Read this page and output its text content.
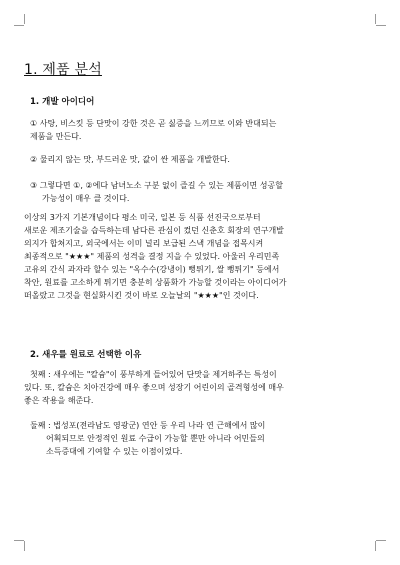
1. 제품 분석
1. 개발 아이디어

① 사탕, 비스킷 등 단맛이 강한 것은 곧 싫증을 느끼므로 이와 반대되는
제품을 만든다.

② 물리지 않는 맛, 부드러운 맛, 값이 싼 제품을 개발한다.

③ 그렇다면 ①, ②에다 남녀노소 구분 없이 즐길 수 있는 제품이면 성공할
가능성이 매우 클 것이다.

이상의 3가지 기본개념이다 평소 미국, 일본 등 식품 선진국으로부터
새로운 제조기술을 습득하는데 남다른 관심이 컸던 신춘호 회장의 연구개발
의지가 합쳐지고, 외국에서는 이미 널리 보급된 스낵 개념을 접목시켜
최종적으로 "★★★" 제품의 성격을 결정 지을 수 있었다. 아울러 우리민족
고유의 간식 과자라 할수 있는 "옥수수(강냉이) 뻥튀기, 쌀 뻥튀기" 등에서
착안, 원료를 고소하게 튀기면 충분히 상품화가 가능할 것이라는 아이디어가
떠올랐고 그것을 현실화시킨 것이 바로 오늘날의 "★★★"인 것이다.

2. 새우를 원료로 선택한 이유

첫째 : 새우에는 "칼슘"이 풍부하게 들어있어 단맛을 제거하주는 특성이
있다. 또, 칼슘은 치아건강에 매우 좋으며 성장기 어린이의 골격형성에 매우
좋은 작용을 해준다.

둘째 : 법성포(전라남도 영광군) 연안 등 우리 나라 연 근해에서 많이
어획되므로 안정적인 원료 수급이 가능할 뿐만 아니라 어민들의
소득증대에 기여할 수 있는 이점이었다.
